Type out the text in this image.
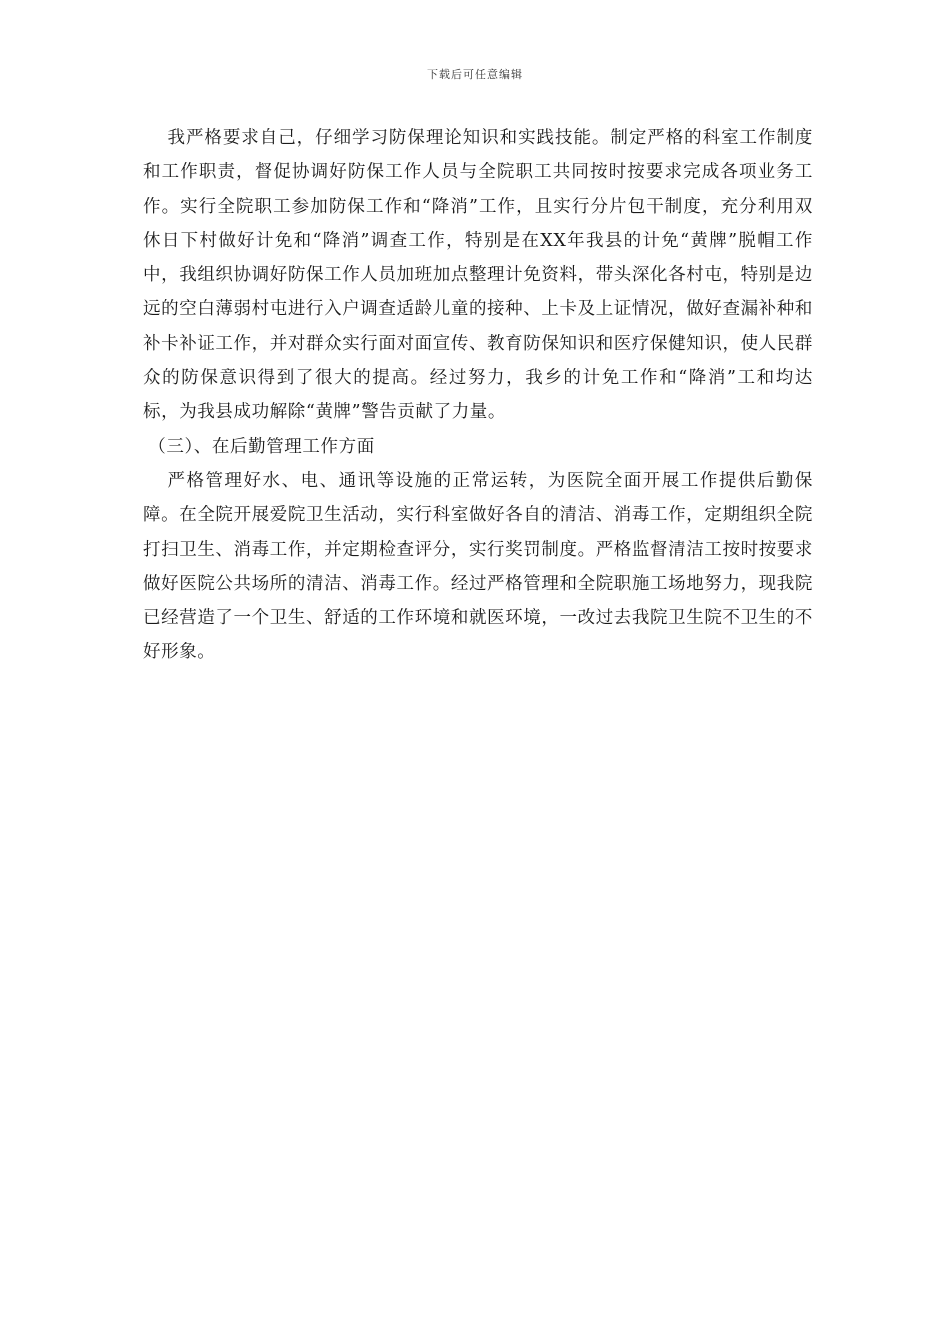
下载后可任意编辑

我严格要求自己，仔细学习防保理论知识和实践技能。制定严格的科室工作制度和工作职责，督促协调好防保工作人员与全院职工共同按时按要求完成各项业务工作。实行全院职工参加防保工作和“降消”工作，且实行分片包干制度，充分利用双休日下村做好计免和“降消”调查工作，特别是在XX年我县的计免“黄牌”脱帽工作中，我组织协调好防保工作人员加班加点整理计免资料，带头深化各村屯，特别是边远的空白薄弱村屯进行入户调查适龄儿童的接种、上卡及上证情况，做好查漏补种和补卡补证工作，并对群众实行面对面宣传、教育防保知识和医疗保健知识，使人民群众的防保意识得到了很大的提高。经过努力，我乡的计免工作和“降消”工和均达标，为我县成功解除“黄牌”警告贡献了力量。

（三）、在后勤管理工作方面

严格管理好水、电、通讯等设施的正常运转，为医院全面开展工作提供后勤保障。在全院开展爱院卫生活动，实行科室做好各自的清洁、消毒工作，定期组织全院打扫卫生、消毒工作，并定期检查评分，实行奖罚制度。严格监督清洁工按时按要求做好医院公共场所的清洁、消毒工作。经过严格管理和全院职施工场地努力，现我院已经营造了一个卫生、舒适的工作环境和就医环境，一改过去我院卫生院不卫生的不好形象。
